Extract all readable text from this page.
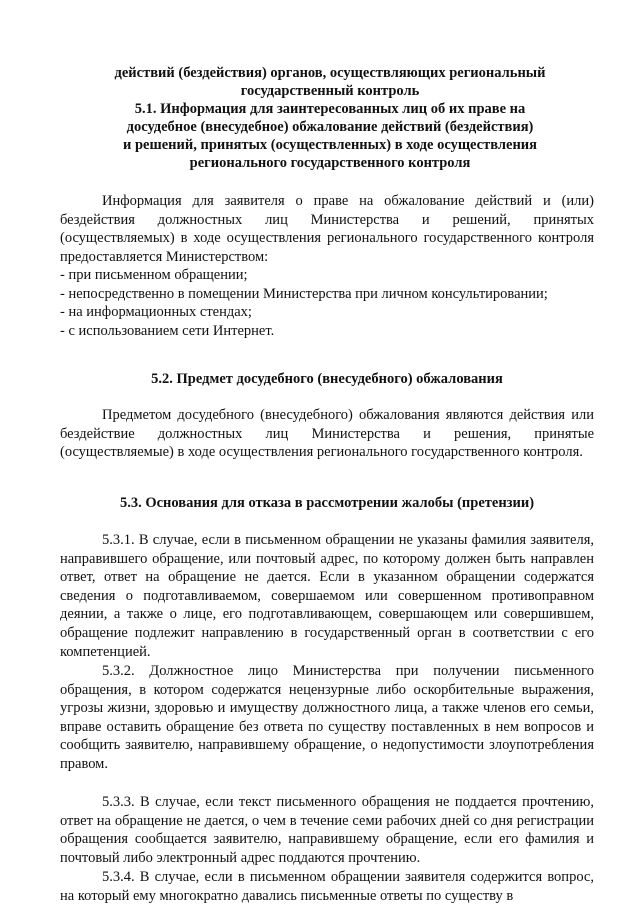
действий (бездействия) органов, осуществляющих региональный
государственный контроль
5.1. Информация для заинтересованных лиц об их праве на
досудебное (внесудебное) обжалование действий (бездействия)
и решений, принятых (осуществленных) в ходе осуществления
регионального государственного контроля

Информация для заявителя о праве на обжалование действий и (или) бездействия должностных лиц Министерства и решений, принятых (осуществляемых) в ходе осуществления регионального государственного контроля предоставляется Министерством:

- при письменном обращении;
- непосредственно в помещении Министерства при личном консультировании;
- на информационных стендах;
- с использованием сети Интернет.

5.2. Предмет досудебного (внесудебного) обжалования

Предметом досудебного (внесудебного) обжалования являются действия или бездействие должностных лиц Министерства и решения, принятые (осуществляемые) в ходе осуществления регионального государственного контроля.

5.3. Основания для отказа в рассмотрении жалобы (претензии)

5.3.1. В случае, если в письменном обращении не указаны фамилия заявителя, направившего обращение, или почтовый адрес, по которому должен быть направлен ответ, ответ на обращение не дается. Если в указанном обращении содержатся сведения о подготавливаемом, совершаемом или совершенном противоправном деянии, а также о лице, его подготавливающем, совершающем или совершившем, обращение подлежит направлению в государственный орган в соответствии с его компетенцией.

5.3.2. Должностное лицо Министерства при получении письменного обращения, в котором содержатся нецензурные либо оскорбительные выражения, угрозы жизни, здоровью и имуществу должностного лица, а также членов его семьи, вправе оставить обращение без ответа по существу поставленных в нем вопросов и сообщить заявителю, направившему обращение, о недопустимости злоупотребления правом.

5.3.3. В случае, если текст письменного обращения не поддается прочтению, ответ на обращение не дается, о чем в течение семи рабочих дней со дня регистрации обращения сообщается заявителю, направившему обращение, если его фамилия и почтовый либо электронный адрес поддаются прочтению.

5.3.4. В случае, если в письменном обращении заявителя содержится вопрос, на который ему многократно давались письменные ответы по существу в
